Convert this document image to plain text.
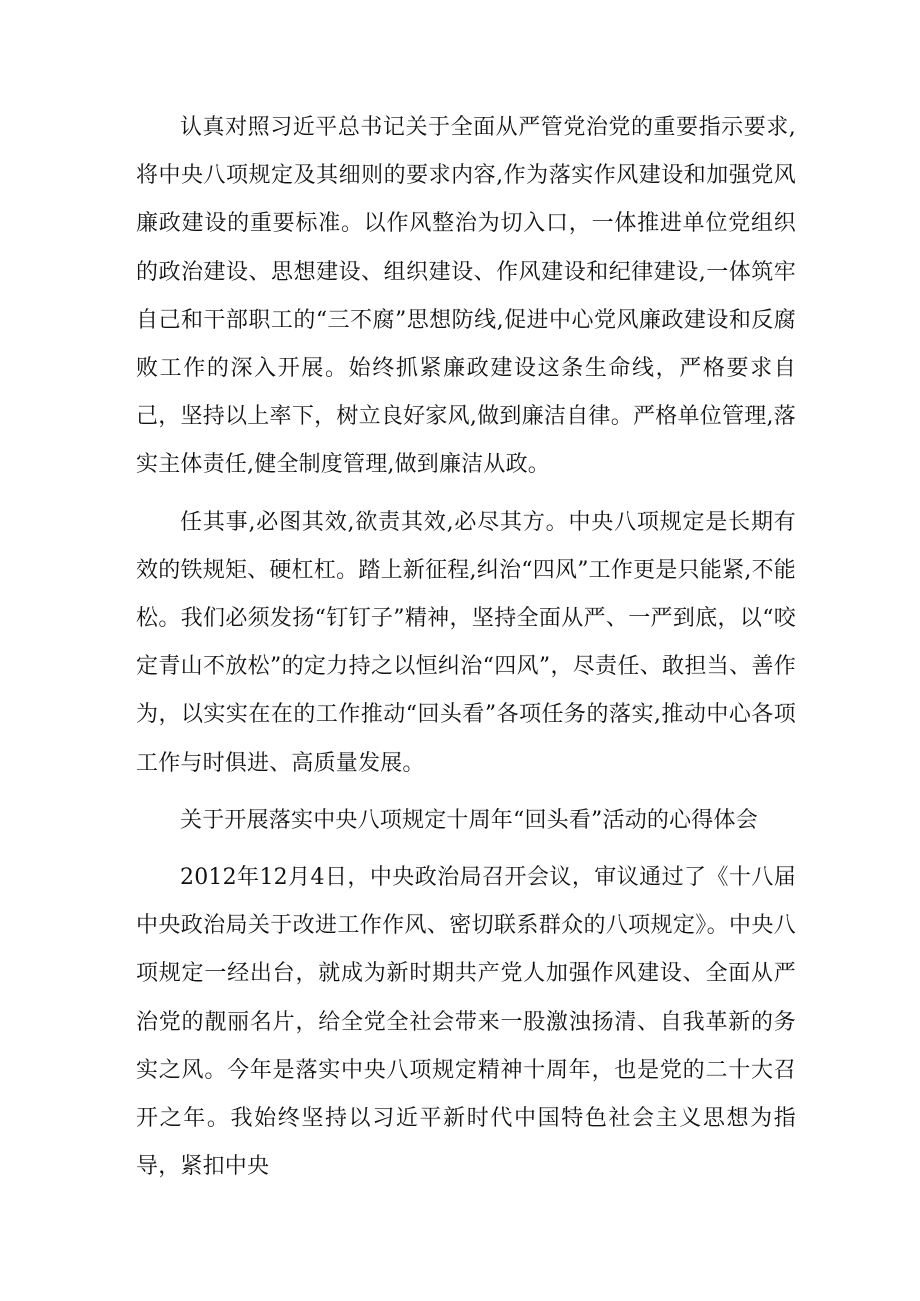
认真对照习近平总书记关于全面从严管党治党的重要指示要求,将中央八项规定及其细则的要求内容,作为落实作风建设和加强党风廉政建设的重要标准。以作风整治为切入口，一体推进单位党组织的政治建设、思想建设、组织建设、作风建设和纪律建设,一体筑牢自己和干部职工的“三不腐”思想防线,促进中心党风廉政建设和反腐败工作的深入开展。始终抓紧廉政建设这条生命线，严格要求自己，坚持以上率下，树立良好家风,做到廉洁自律。严格单位管理,落实主体责任,健全制度管理,做到廉洁从政。

任其事,必图其效,欲责其效,必尽其方。中央八项规定是长期有效的铁规矩、硬杠杠。踏上新征程,纠治“四风”工作更是只能紧,不能松。我们必须发扬“钉钉子”精神，坚持全面从严、一严到底，以“咬定青山不放松”的定力持之以恒纠治“四风”，尽责任、敢担当、善作为，以实实在在的工作推动“回头看”各项任务的落实,推动中心各项工作与时俱进、高质量发展。

关于开展落实中央八项规定十周年“回头看”活动的心得体会

2012年12月4日，中央政治局召开会议，审议通过了《十八届中央政治局关于改进工作作风、密切联系群众的八项规定》。中央八项规定一经出台，就成为新时期共产党人加强作风建设、全面从严治党的靓丽名片，给全党全社会带来一股激浊扬清、自我革新的务实之风。今年是落实中央八项规定精神十周年，也是党的二十大召开之年。我始终坚持以习近平新时代中国特色社会主义思想为指导，紧扣中央
